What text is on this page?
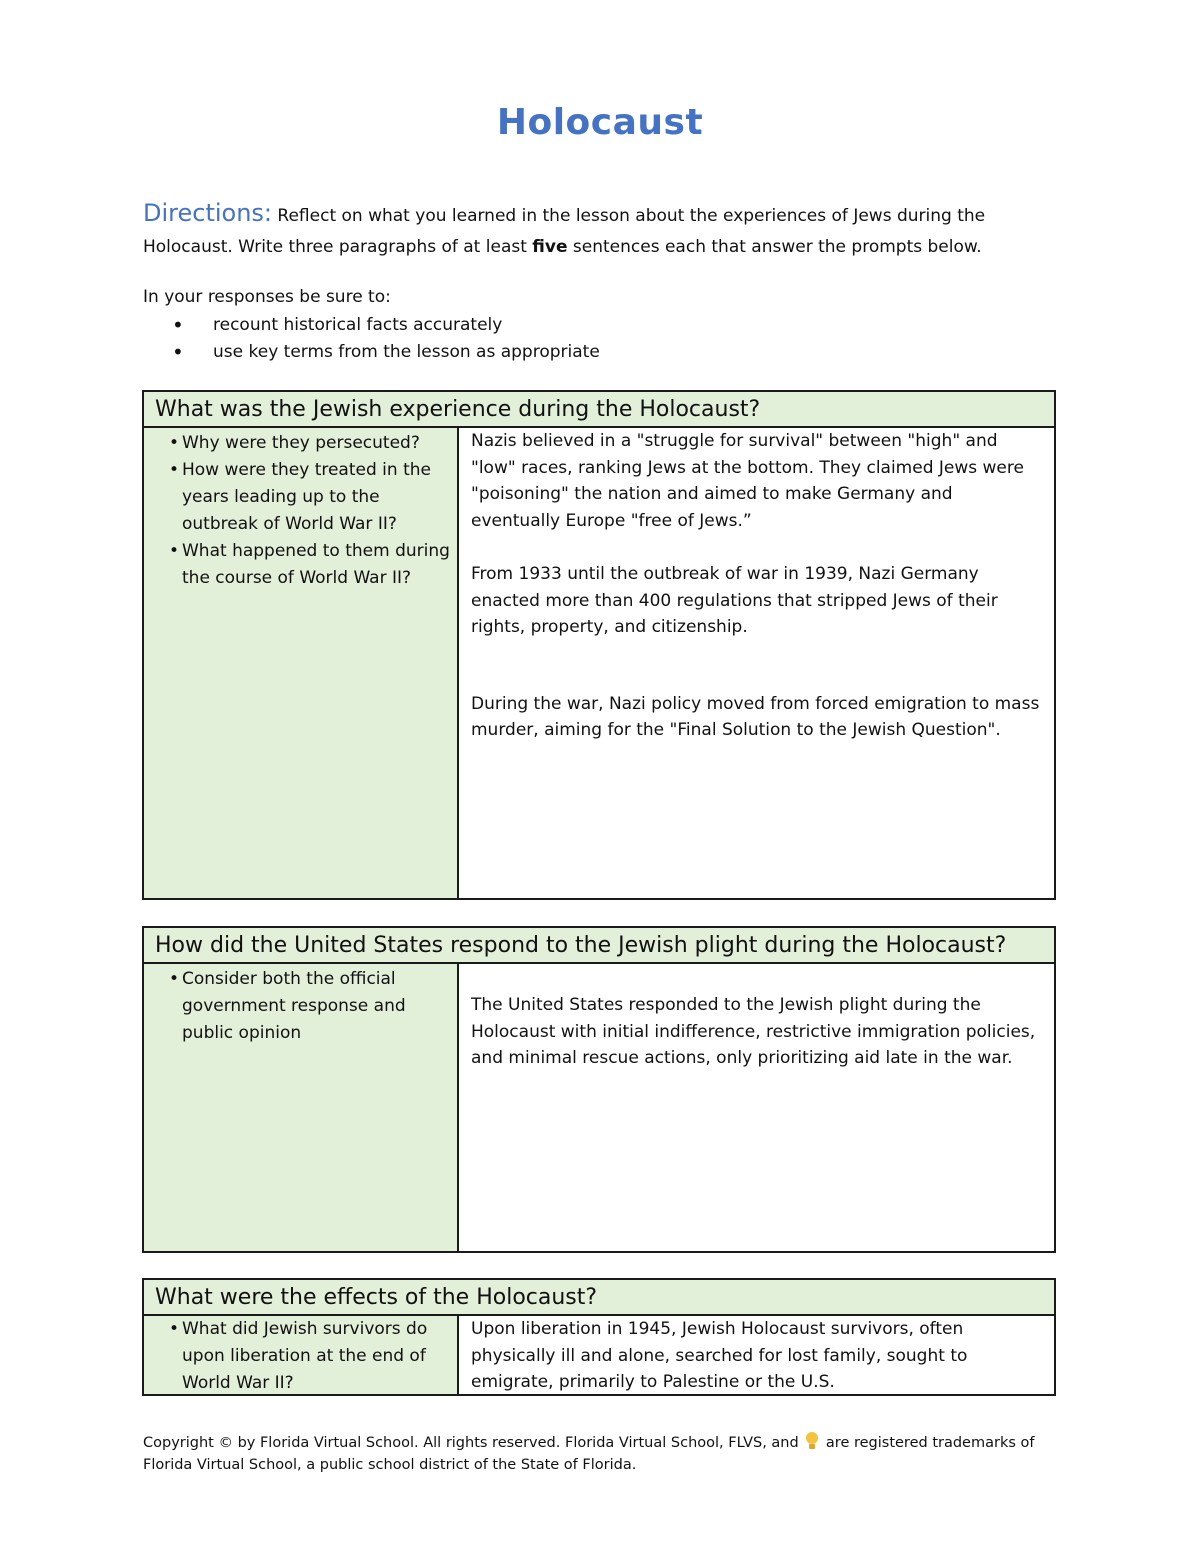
Holocaust
Directions: Reflect on what you learned in the lesson about the experiences of Jews during the Holocaust. Write three paragraphs of at least five sentences each that answer the prompts below.
In your responses be sure to:
• recount historical facts accurately
• use key terms from the lesson as appropriate
What was the Jewish experience during the Holocaust?
• Why were they persecuted?
• How were they treated in the years leading up to the outbreak of World War II?
• What happened to them during the course of World War II?

Nazis believed in a "struggle for survival" between "high" and "low" races, ranking Jews at the bottom. They claimed Jews were "poisoning" the nation and aimed to make Germany and eventually Europe "free of Jews.”

From 1933 until the outbreak of war in 1939, Nazi Germany enacted more than 400 regulations that stripped Jews of their rights, property, and citizenship.

During the war, Nazi policy moved from forced emigration to mass murder, aiming for the "Final Solution to the Jewish Question".

How did the United States respond to the Jewish plight during the Holocaust?
• Consider both the official government response and public opinion

The United States responded to the Jewish plight during the Holocaust with initial indifference, restrictive immigration policies, and minimal rescue actions, only prioritizing aid late in the war.

What were the effects of the Holocaust?
• What did Jewish survivors do upon liberation at the end of World War II?

Upon liberation in 1945, Jewish Holocaust survivors, often physically ill and alone, searched for lost family, sought to emigrate, primarily to Palestine or the U.S.

Copyright © by Florida Virtual School. All rights reserved. Florida Virtual School, FLVS, and
are registered trademarks of Florida Virtual School, a public school district of the State of Florida.
